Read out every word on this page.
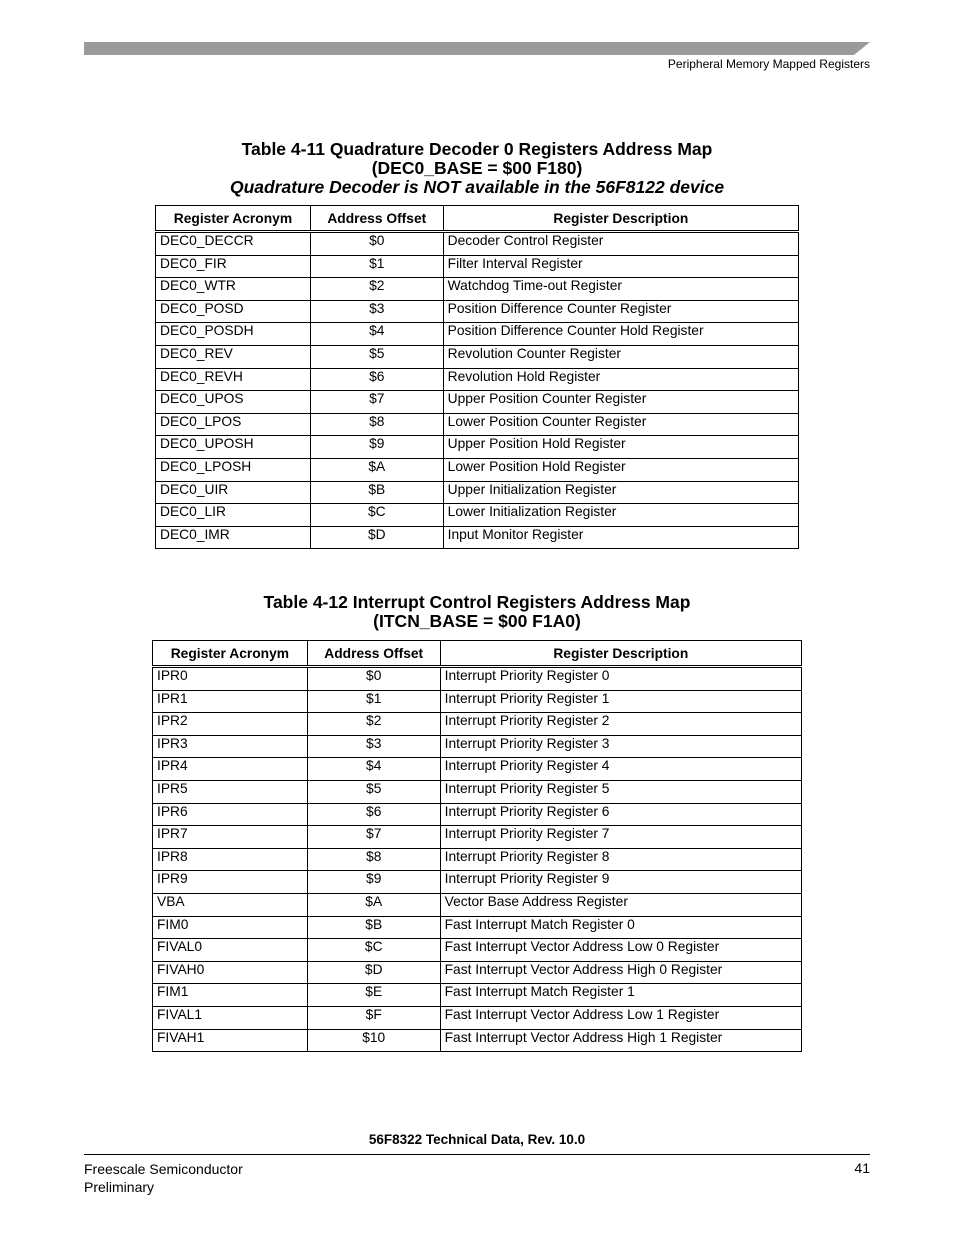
Peripheral Memory Mapped Registers
Table 4-11 Quadrature Decoder 0 Registers Address Map
(DEC0_BASE = $00 F180)
Quadrature Decoder is NOT available in the 56F8122 device
Register Acronym	Address Offset	Register Description
DEC0_DECCR	$0	Decoder Control Register
DEC0_FIR	$1	Filter Interval Register
DEC0_WTR	$2	Watchdog Time-out Register
DEC0_POSD	$3	Position Difference Counter Register
DEC0_POSDH	$4	Position Difference Counter Hold Register
DEC0_REV	$5	Revolution Counter Register
DEC0_REVH	$6	Revolution Hold Register
DEC0_UPOS	$7	Upper Position Counter Register
DEC0_LPOS	$8	Lower Position Counter Register
DEC0_UPOSH	$9	Upper Position Hold Register
DEC0_LPOSH	$A	Lower Position Hold Register
DEC0_UIR	$B	Upper Initialization Register
DEC0_LIR	$C	Lower Initialization Register
DEC0_IMR	$D	Input Monitor Register
Table 4-12 Interrupt Control Registers Address Map
(ITCN_BASE = $00 F1A0)
Register Acronym	Address Offset	Register Description
IPR0	$0	Interrupt Priority Register 0
IPR1	$1	Interrupt Priority Register 1
IPR2	$2	Interrupt Priority Register 2
IPR3	$3	Interrupt Priority Register 3
IPR4	$4	Interrupt Priority Register 4
IPR5	$5	Interrupt Priority Register 5
IPR6	$6	Interrupt Priority Register 6
IPR7	$7	Interrupt Priority Register 7
IPR8	$8	Interrupt Priority Register 8
IPR9	$9	Interrupt Priority Register 9
VBA	$A	Vector Base Address Register
FIM0	$B	Fast Interrupt Match Register 0
FIVAL0	$C	Fast Interrupt Vector Address Low 0 Register
FIVAH0	$D	Fast Interrupt Vector Address High 0 Register
FIM1	$E	Fast Interrupt Match Register 1
FIVAL1	$F	Fast Interrupt Vector Address Low 1 Register
FIVAH1	$10	Fast Interrupt Vector Address High 1 Register
56F8322 Technical Data, Rev. 10.0
Freescale Semiconductor
Preliminary
41
